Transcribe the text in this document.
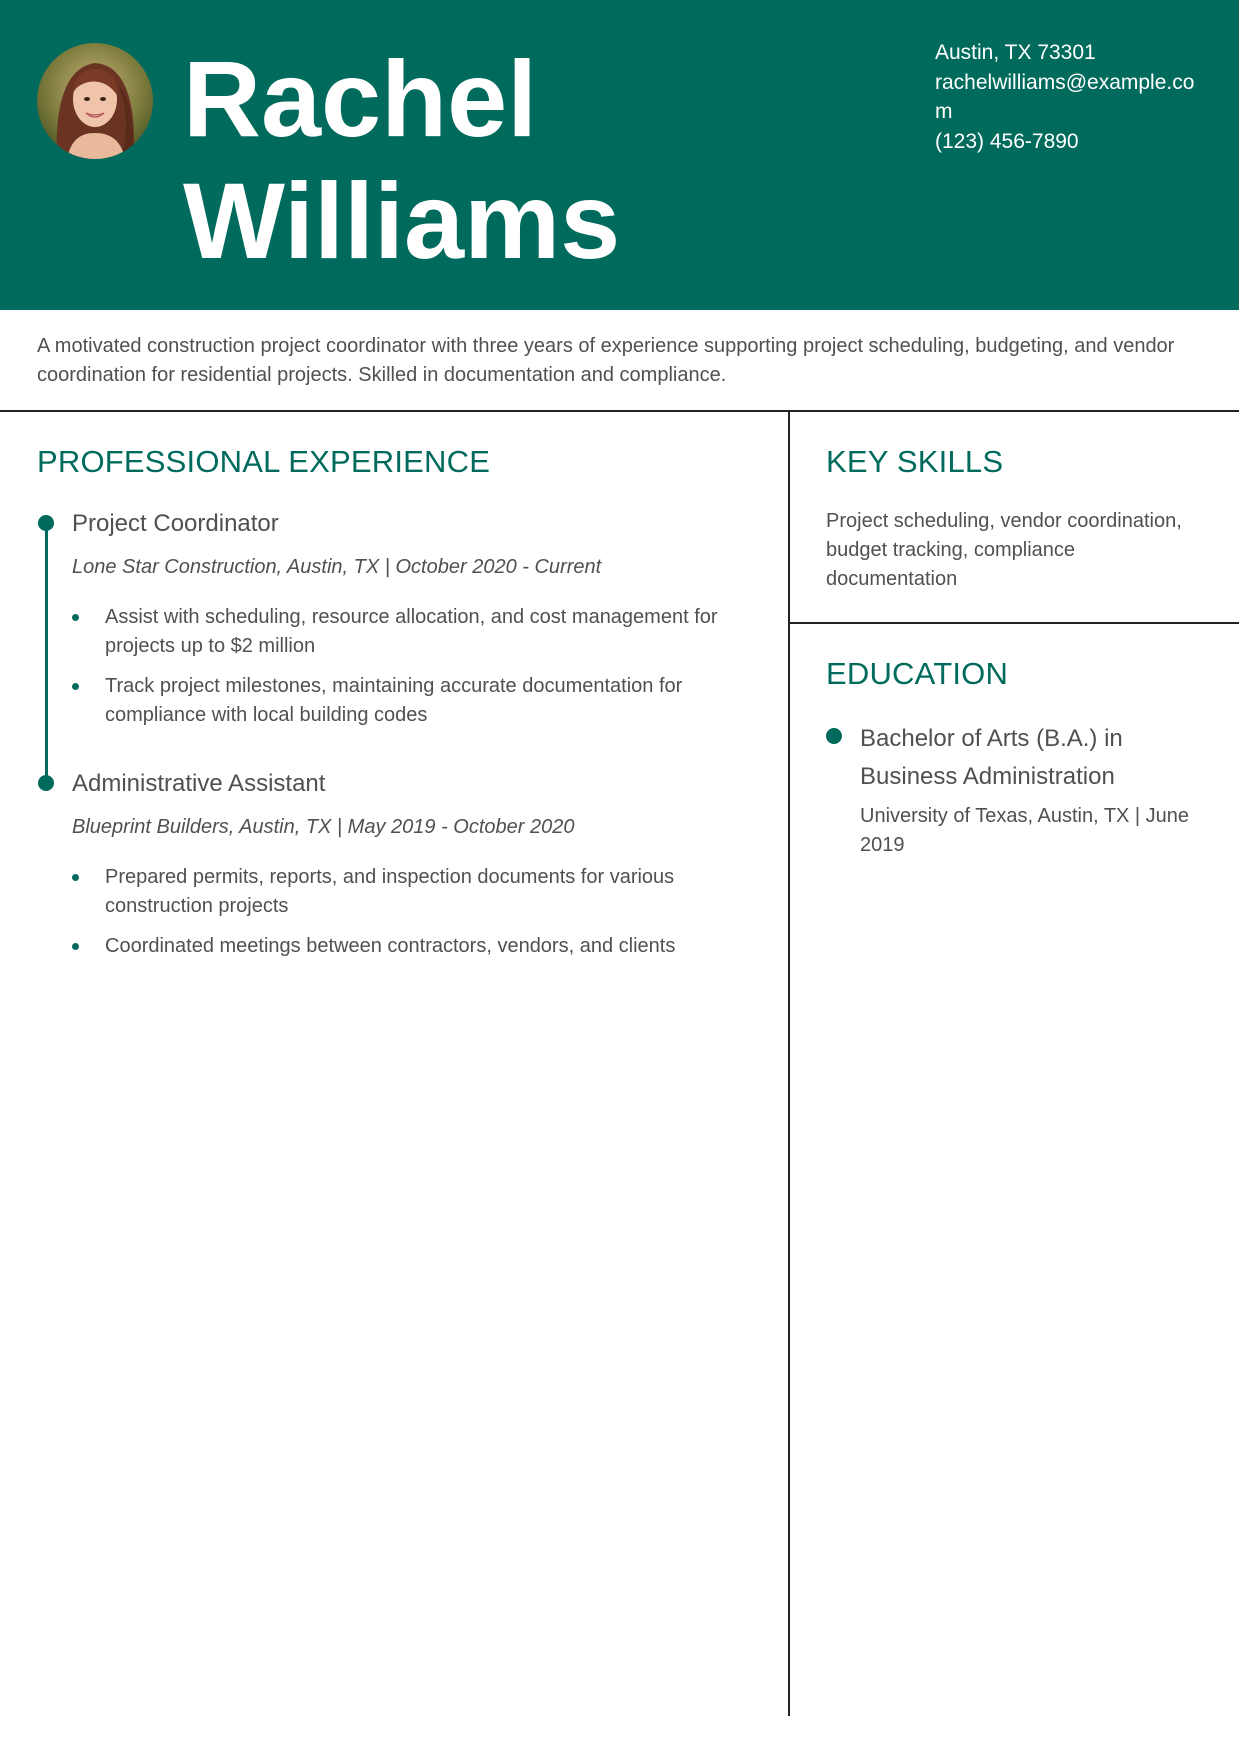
Rachel
Williams
Austin, TX 73301
rachelwilliams@example.com
(123) 456-7890

A motivated construction project coordinator with three years of experience supporting project scheduling, budgeting, and vendor coordination for residential projects. Skilled in documentation and compliance.

PROFESSIONAL EXPERIENCE
Project Coordinator
Lone Star Construction, Austin, TX | October 2020 - Current
Assist with scheduling, resource allocation, and cost management for projects up to $2 million
Track project milestones, maintaining accurate documentation for compliance with local building codes
Administrative Assistant
Blueprint Builders, Austin, TX | May 2019 - October 2020
Prepared permits, reports, and inspection documents for various construction projects
Coordinated meetings between contractors, vendors, and clients
KEY SKILLS

Project scheduling, vendor coordination, budget tracking, compliance documentation

EDUCATION
Bachelor of Arts (B.A.) in Business Administration
University of Texas, Austin, TX | June 2019
